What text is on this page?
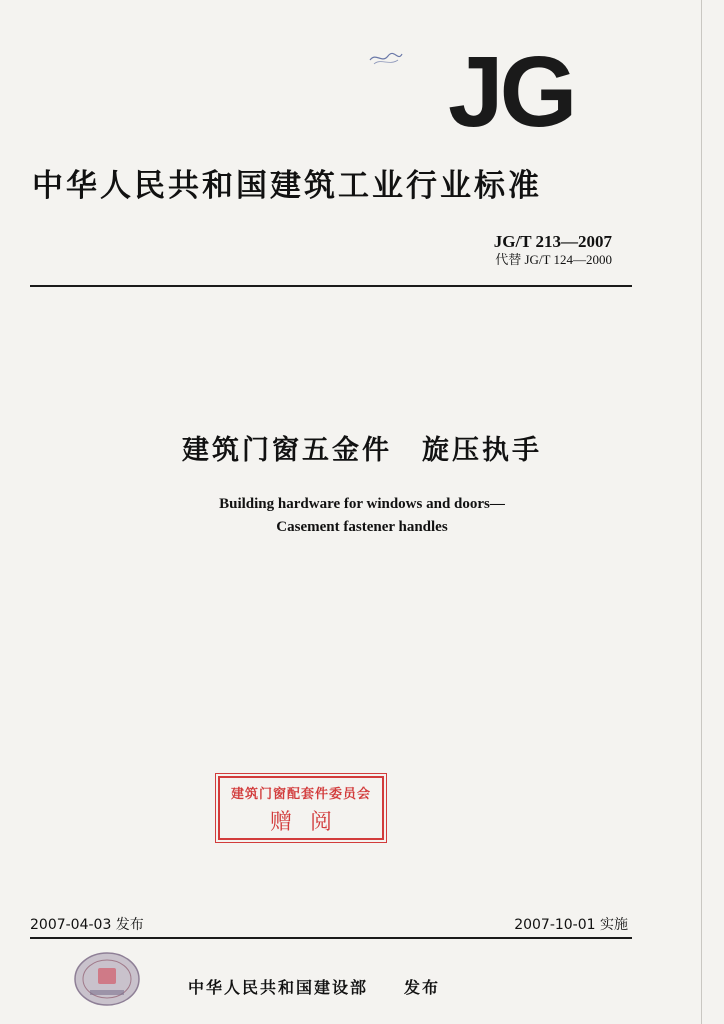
JG
中华人民共和国建筑工业行业标准
JG/T 213—2007
代替 JG/T 124—2000
建筑门窗五金件　旋压执手
Building hardware for windows and doors—
Casement fastener handles
建筑门窗配套件委员会
赠阅
2007-04-03 发布	2007-10-01 实施
中华人民共和国建设部　　发布
